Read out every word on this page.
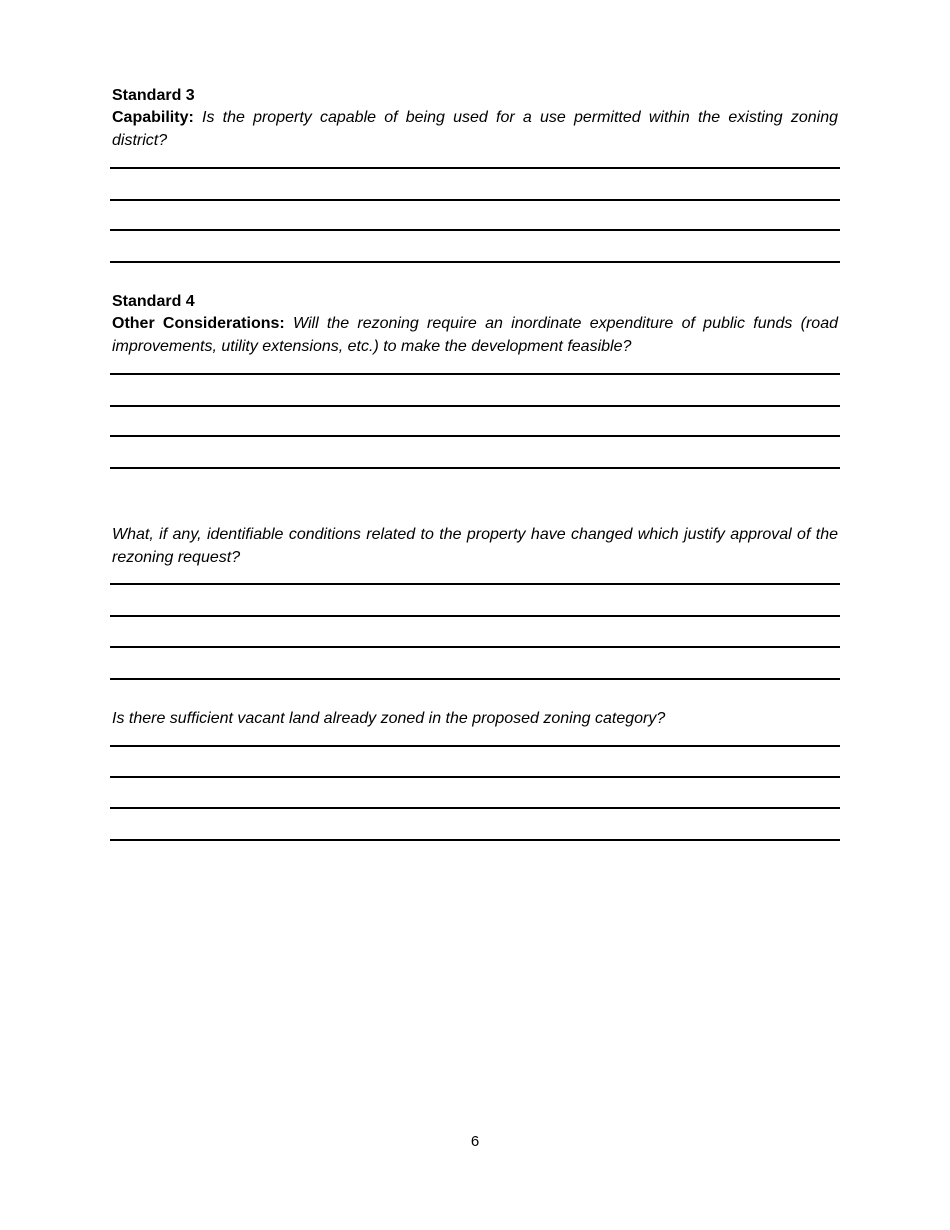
Standard 3

Capability: Is the property capable of being used for a use permitted within the existing zoning district?

Standard 4

Other Considerations: Will the rezoning require an inordinate expenditure of public funds (road improvements, utility extensions, etc.) to make the development feasible?

What, if any, identifiable conditions related to the property have changed which justify approval of the rezoning request?

Is there sufficient vacant land already zoned in the proposed zoning category?

6
